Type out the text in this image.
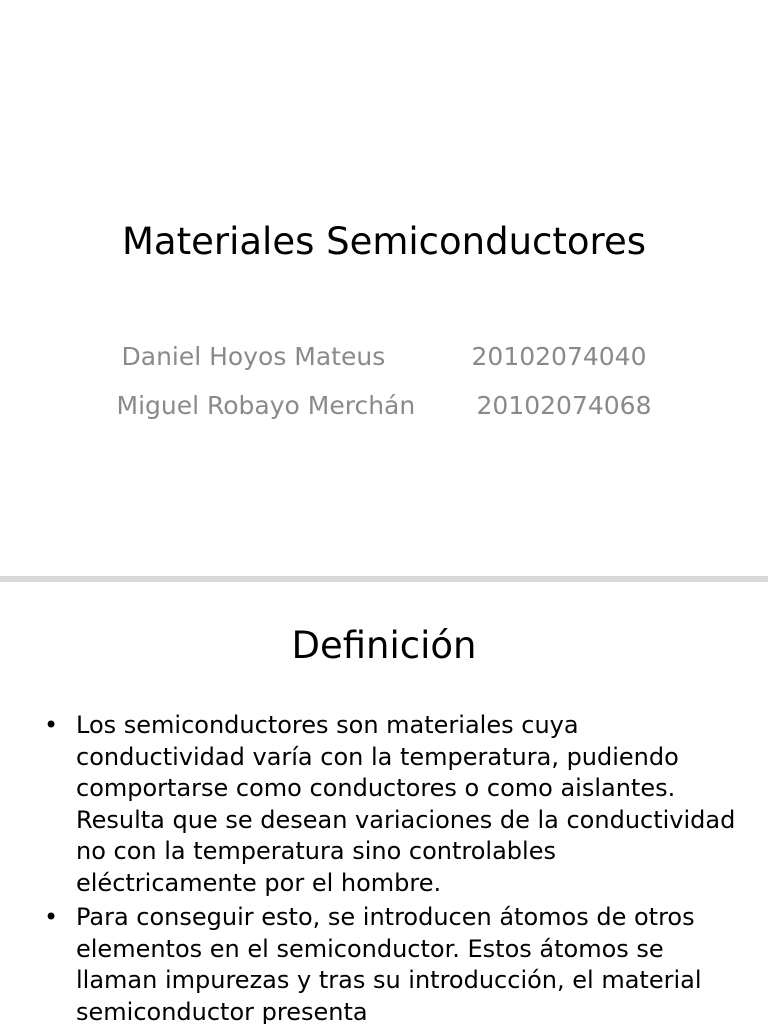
Materiales Semiconductores
Daniel Hoyos Mateus	20102074040
Miguel Robayo Merchán 20102074068
Definición
• Los semiconductores son materiales cuya conductividad varía con la temperatura, pudiendo comportarse como conductores o como aislantes. Resulta que se desean variaciones de la conductividad no con la temperatura sino controlables eléctricamente por el hombre.
• Para conseguir esto, se introducen átomos de otros elementos en el semiconductor. Estos átomos se llaman impurezas y tras su introducción, el material semiconductor presenta
